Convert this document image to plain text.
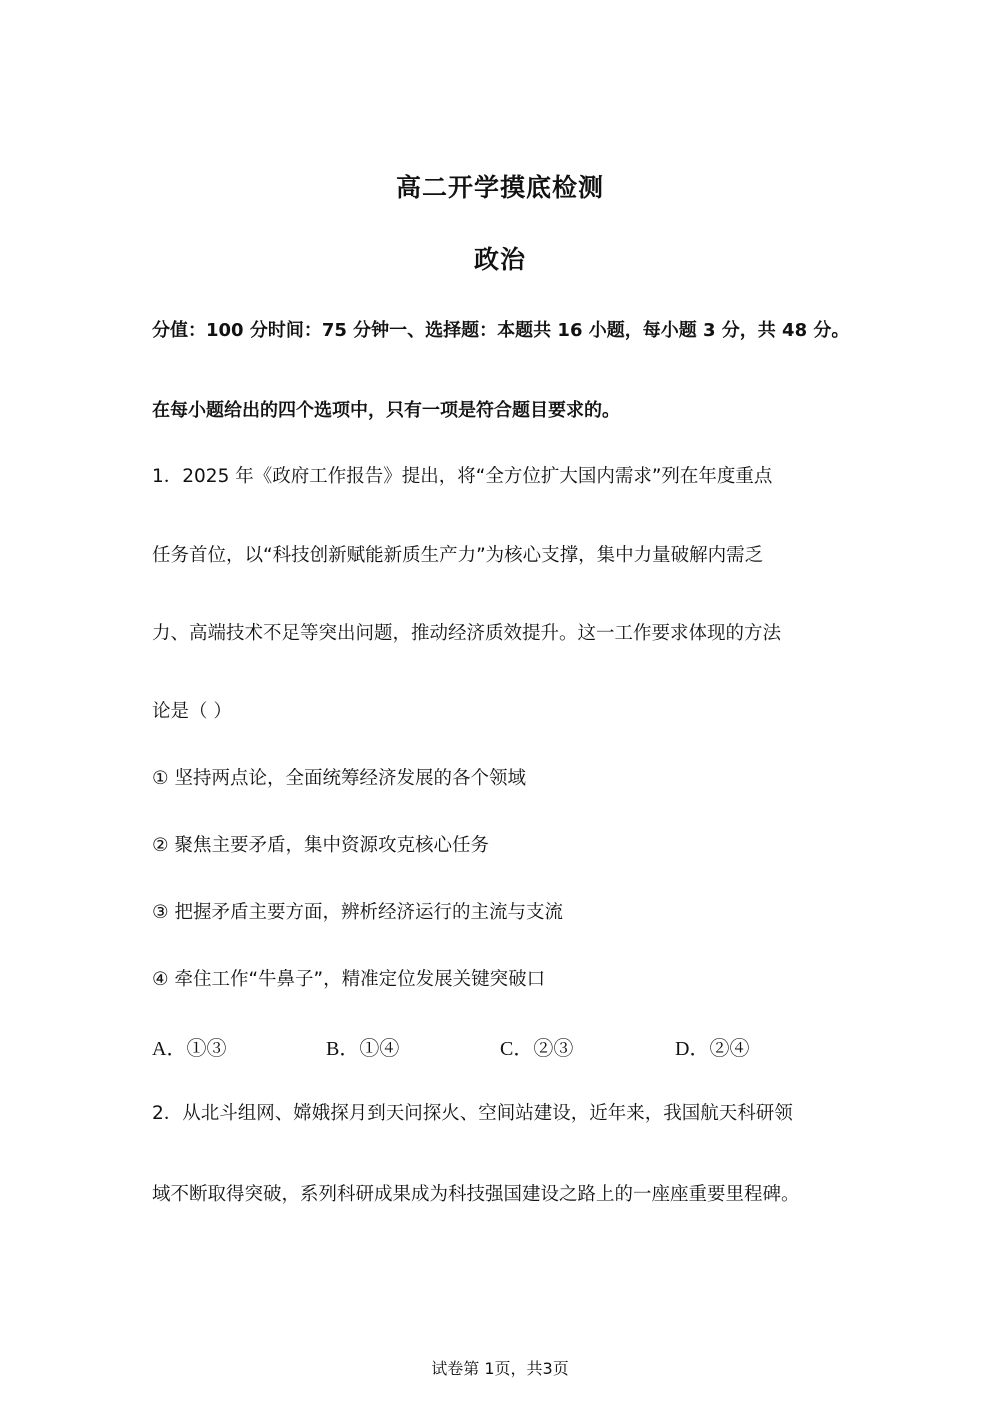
高二开学摸底检测
政治
分值：100 分时间：75 分钟一、选择题：本题共 16 小题，每小题 3 分，共 48 分。
在每小题给出的四个选项中，只有一项是符合题目要求的。
1．2025 年《政府工作报告》提出，将“全方位扩大国内需求”列在年度重点
任务首位，以“科技创新赋能新质生产力”为核心支撑，集中力量破解内需乏
力、高端技术不足等突出问题，推动经济质效提升。这一工作要求体现的方法
论是（ ）
① 坚持两点论，全面统筹经济发展的各个领域
② 聚焦主要矛盾，集中资源攻克核心任务
③ 把握矛盾主要方面，辨析经济运行的主流与支流
④ 牵住工作“牛鼻子”，精准定位发展关键突破口
A．①③	B．①④	C．②③	D．②④
2．从北斗组网、嫦娥探月到天问探火、空间站建设，近年来，我国航天科研领
域不断取得突破，系列科研成果成为科技强国建设之路上的一座座重要里程碑。
试卷第 1页，共3页
